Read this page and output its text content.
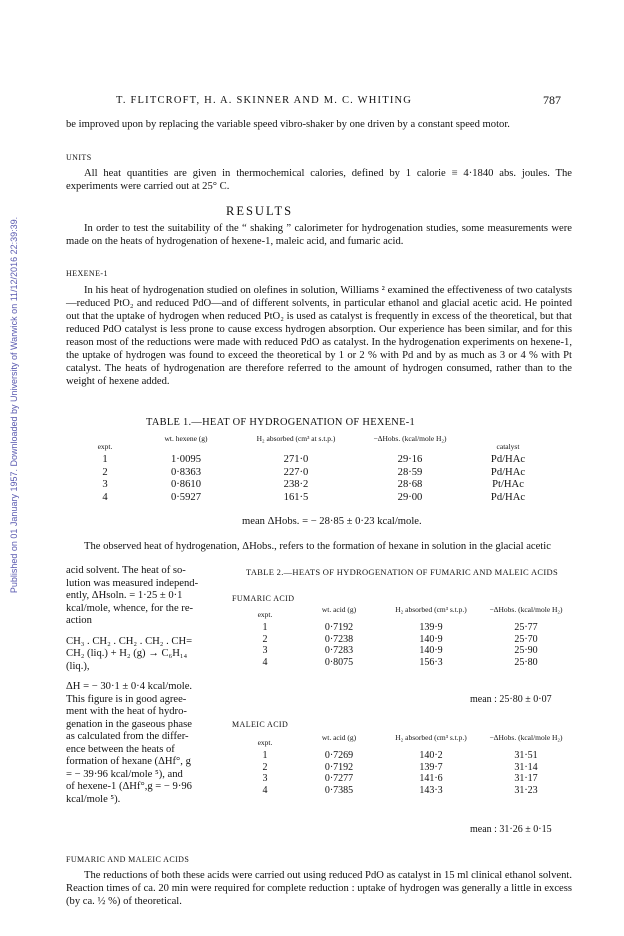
Published on 01 January 1957. Downloaded by University of Warwick on 11/12/2016 22:39:39.
T. FLITCROFT, H. A. SKINNER AND M. C. WHITING	787
be improved upon by replacing the variable speed vibro-shaker by one driven by a constant speed motor.
UNITS
All heat quantities are given in thermochemical calories, defined by 1 calorie ≡ 4·1840 abs. joules. The experiments were carried out at 25° C.
RESULTS
In order to test the suitability of the “ shaking ” calorimeter for hydrogenation studies, some measurements were made on the heats of hydrogenation of hexene-1, maleic acid, and fumaric acid.
HEXENE-1
In his heat of hydrogenation studied on olefines in solution, Williams ² examined the effectiveness of two catalysts—reduced PtO₂ and reduced PdO—and of different solvents, in particular ethanol and glacial acetic acid. He pointed out that the uptake of hydrogen when reduced PtO₂ is used as catalyst is frequently in excess of the theoretical, but that reduced PdO catalyst is less prone to cause excess hydrogen absorption. Our experience has been similar, and for this reason most of the reductions were made with reduced PdO as catalyst. In the hydrogenation experiments on hexene-1, the uptake of hydrogen was found to exceed the theoretical by 1 or 2 % with Pd and by as much as 3 or 4 % with Pt catalyst. The heats of hydrogenation are therefore referred to the amount of hydrogen consumed, rather than to the weight of hexene added.
TABLE 1.—HEAT OF HYDROGENATION OF HEXENE-1
expt.	wt. hexene (g)	H₂ absorbed (cm³ at s.t.p.)	−ΔHobs. (kcal/mole H₂)	catalyst

1	1·0095	271·0	29·16	Pd/HAc
2	0·8363	227·0	28·59	Pd/HAc
3	0·8610	238·2	28·68	Pt/HAc
4	0·5927	161·5	29·00	Pd/HAc
mean ΔHobs. = − 28·85 ± 0·23 kcal/mole.
The observed heat of hydrogenation, ΔHobs., refers to the formation of hexane in solution in the glacial acetic
acid solvent. The heat of so-
lution was measured independ-
ently, ΔHsoln. = 1·25 ± 0·1
kcal/mole, whence, for the re-
action
CH₃ . CH₂ . CH₂ . CH₂ . CH=
CH₂ (liq.) + H₂ (g) → C₆H₁₄
(liq.),
ΔH = − 30·1 ± 0·4 kcal/mole.
This figure is in good agree-
ment with the heat of hydro-
genation in the gaseous phase
as calculated from the differ-
ence between the heats of
formation of hexane (ΔHf°, g
= − 39·96 kcal/mole ⁵), and
of hexene-1 (ΔHf°,g = − 9·96
kcal/mole ⁵).
TABLE 2.—HEATS OF HYDROGENATION OF FUMARIC AND MALEIC ACIDS
FUMARIC ACID
expt.	wt. acid (g)	H₂ absorbed (cm³ s.t.p.)	−ΔHobs. (kcal/mole H₂)

1	0·7192	139·9	25·77
2	0·7238	140·9	25·70
3	0·7283	140·9	25·90
4	0·8075	156·3	25·80
mean : 25·80 ± 0·07
MALEIC ACID
expt.	wt. acid (g)	H₂ absorbed (cm³ s.t.p.)	−ΔHobs. (kcal/mole H₂)

1	0·7269	140·2	31·51
2	0·7192	139·7	31·14
3	0·7277	141·6	31·17
4	0·7385	143·3	31·23
mean : 31·26 ± 0·15
FUMARIC AND MALEIC ACIDS
The reductions of both these acids were carried out using reduced PdO as catalyst in 15 ml clinical ethanol solvent. Reaction times of ca. 20 min were required for complete reduction : uptake of hydrogen was generally a little in excess (by ca. ½ %) of theoretical.
